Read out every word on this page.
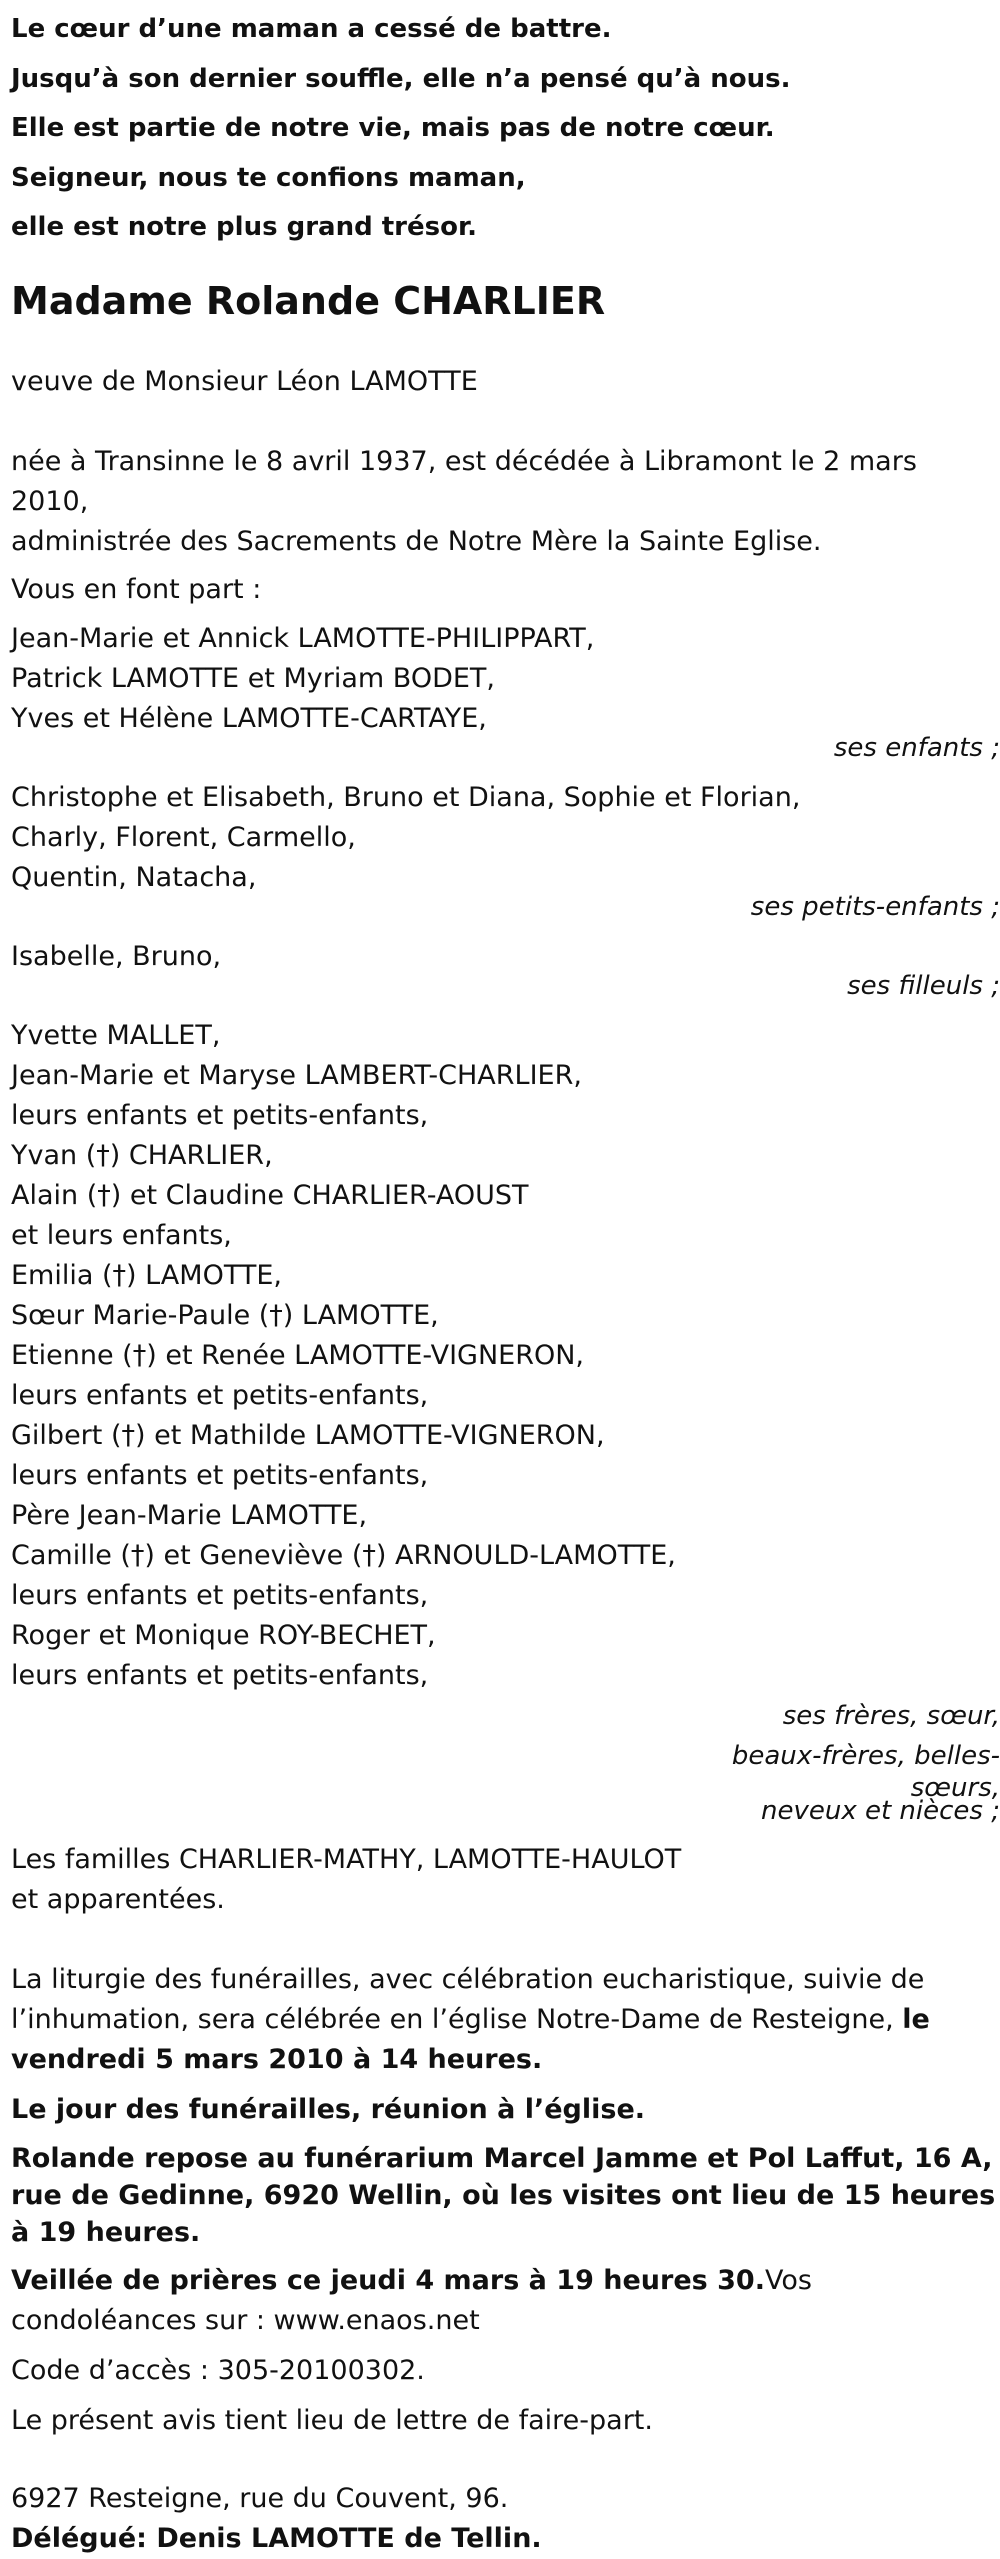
Le cœur d’une maman a cessé de battre.
Jusqu’à son dernier souffle, elle n’a pensé qu’à nous.
Elle est partie de notre vie, mais pas de notre cœur.
Seigneur, nous te confions maman,
elle est notre plus grand trésor.
Madame Rolande CHARLIER
veuve de Monsieur Léon LAMOTTE
née à Transinne le 8 avril 1937, est décédée à Libramont le 2 mars 2010,
administrée des Sacrements de Notre Mère la Sainte Eglise.
Vous en font part :
Jean-Marie et Annick LAMOTTE-PHILIPPART,
Patrick LAMOTTE et Myriam BODET,
Yves et Hélène LAMOTTE-CARTAYE,
ses enfants ;
Christophe et Elisabeth, Bruno et Diana, Sophie et Florian,
Charly, Florent, Carmello,
Quentin, Natacha,
ses petits-enfants ;
Isabelle, Bruno,
ses filleuls ;
Yvette MALLET,
Jean-Marie et Maryse LAMBERT-CHARLIER,
leurs enfants et petits-enfants,
Yvan (†) CHARLIER,
Alain (†) et Claudine CHARLIER-AOUST
et leurs enfants,
Emilia (†) LAMOTTE,
Sœur Marie-Paule (†) LAMOTTE,
Etienne (†) et Renée LAMOTTE-VIGNERON,
leurs enfants et petits-enfants,
Gilbert (†) et Mathilde LAMOTTE-VIGNERON,
leurs enfants et petits-enfants,
Père Jean-Marie LAMOTTE,
Camille (†) et Geneviève (†) ARNOULD-LAMOTTE,
leurs enfants et petits-enfants,
Roger et Monique ROY-BECHET,
leurs enfants et petits-enfants,
ses frères, sœur,
beaux-frères, belles-
sœurs,
neveux et nièces ;
Les familles CHARLIER-MATHY, LAMOTTE-HAULOT
et apparentées.
La liturgie des funérailles, avec célébration eucharistique, suivie de l’inhumation, sera célébrée en l’église Notre-Dame de Resteigne, le vendredi 5 mars 2010 à 14 heures.
Le jour des funérailles, réunion à l’église.
Rolande repose au funérarium Marcel Jamme et Pol Laffut, 16 A, rue de Gedinne, 6920 Wellin, où les visites ont lieu de 15 heures à 19 heures.
Veillée de prières ce jeudi 4 mars à 19 heures 30.Vos condoléances sur : www.enaos.net
Code d’accès : 305-20100302.
Le présent avis tient lieu de lettre de faire-part.
6927 Resteigne, rue du Couvent, 96.
Délégué: Denis LAMOTTE de Tellin.
